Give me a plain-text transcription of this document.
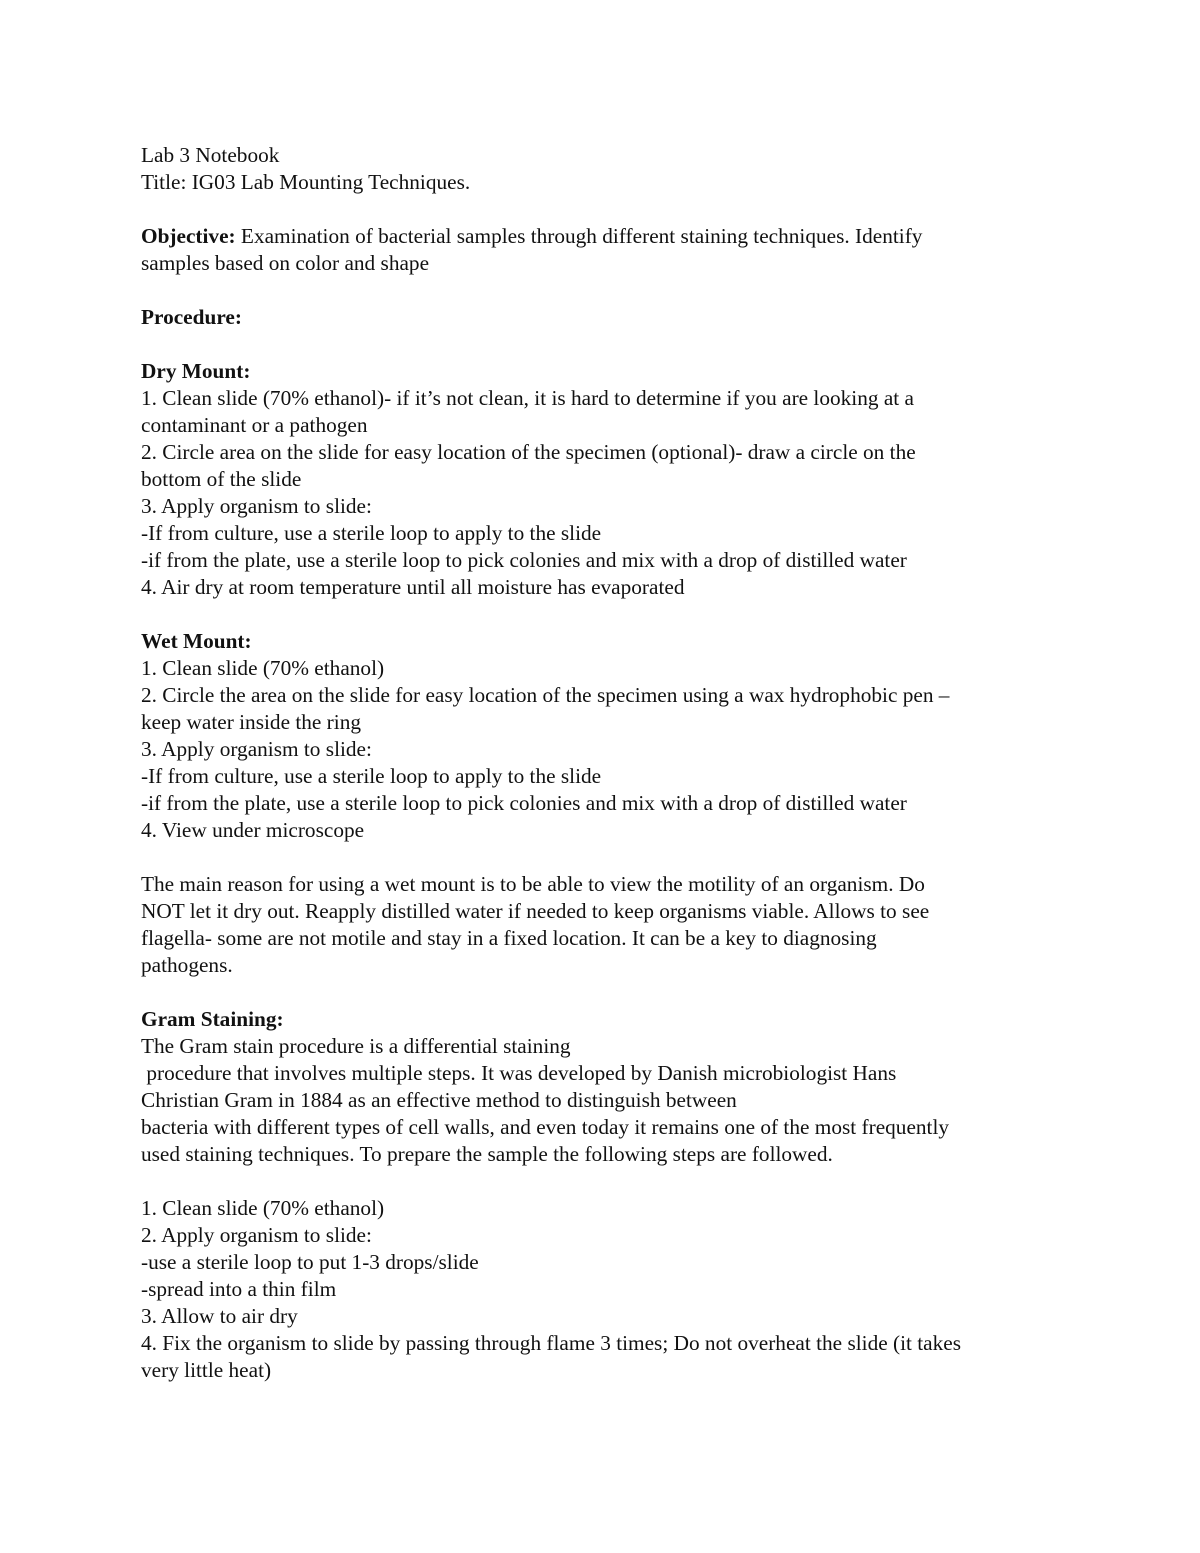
Lab 3 Notebook
Title: IG03 Lab Mounting Techniques.
Objective: Examination of bacterial samples through different staining techniques. Identify
samples based on color and shape
Procedure:
Dry Mount:
1. Clean slide (70% ethanol)- if it’s not clean, it is hard to determine if you are looking at a
contaminant or a pathogen
2. Circle area on the slide for easy location of the specimen (optional)- draw a circle on the
bottom of the slide
3. Apply organism to slide:
-If from culture, use a sterile loop to apply to the slide
-if from the plate, use a sterile loop to pick colonies and mix with a drop of distilled water
4. Air dry at room temperature until all moisture has evaporated
Wet Mount:
1. Clean slide (70% ethanol)
2. Circle the area on the slide for easy location of the specimen using a wax hydrophobic pen –
keep water inside the ring
3. Apply organism to slide:
-If from culture, use a sterile loop to apply to the slide
-if from the plate, use a sterile loop to pick colonies and mix with a drop of distilled water
4. View under microscope
The main reason for using a wet mount is to be able to view the motility of an organism. Do
NOT let it dry out. Reapply distilled water if needed to keep organisms viable. Allows to see
flagella- some are not motile and stay in a fixed location. It can be a key to diagnosing
pathogens.
Gram Staining:
The Gram stain procedure is a differential staining
procedure that involves multiple steps. It was developed by Danish microbiologist Hans
Christian Gram in 1884 as an effective method to distinguish between
bacteria with different types of cell walls, and even today it remains one of the most frequently
used staining techniques. To prepare the sample the following steps are followed.
1. Clean slide (70% ethanol)
2. Apply organism to slide:
-use a sterile loop to put 1-3 drops/slide
-spread into a thin film
3. Allow to air dry
4. Fix the organism to slide by passing through flame 3 times; Do not overheat the slide (it takes
very little heat)
